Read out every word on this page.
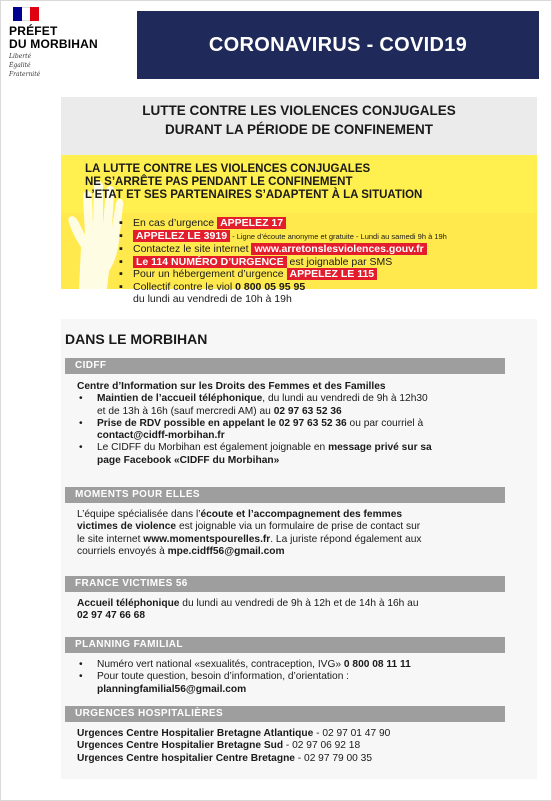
PRÉFET
DU MORBIHAN
Liberté
Égalité
Fraternité
CORONAVIRUS - COVID19
LUTTE CONTRE LES VIOLENCES CONJUGALES
DURANT LA PÉRIODE DE CONFINEMENT
LA LUTTE CONTRE LES VIOLENCES CONJUGALES
NE S’ARRÊTE PAS PENDANT LE CONFINEMENT
L’ETAT ET SES PARTENAIRES S’ADAPTENT À LA SITUATION
▪ En cas d’urgence APPELEZ 17
▪ APPELEZ LE 3919 - Ligne d’écoute anonyme et gratuite - Lundi au samedi 9h à 19h
▪ Contactez le site internet www.arretonslesviolences.gouv.fr
▪ Le 114 NUMÉRO D’URGENCE est joignable par SMS
▪ Pour un hébergement d’urgence APPELEZ LE 115
▪ Collectif contre le viol 0 800 05 95 95
du lundi au vendredi de 10h à 19h
DANS LE MORBIHAN
CIDFF
Centre d’Information sur les Droits des Femmes et des Familles
• Maintien de l’accueil téléphonique, du lundi au vendredi de 9h à 12h30
et de 13h à 16h (sauf mercredi AM) au 02 97 63 52 36
• Prise de RDV possible en appelant le 02 97 63 52 36 ou par courriel à
contact@cidff-morbihan.fr
• Le CIDFF du Morbihan est également joignable en message privé sur sa
page Facebook «CIDFF du Morbihan»
MOMENTS POUR ELLES
L’équipe spécialisée dans l’écoute et l’accompagnement des femmes
victimes de violence est joignable via un formulaire de prise de contact sur
le site internet www.momentspourelles.fr. La juriste répond également aux
courriels envoyés à mpe.cidff56@gmail.com
FRANCE VICTIMES 56
Accueil téléphonique du lundi au vendredi de 9h à 12h et de 14h à 16h au
02 97 47 66 68
PLANNING FAMILIAL
• Numéro vert national «sexualités, contraception, IVG» 0 800 08 11 11
• Pour toute question, besoin d’information, d’orientation :
planningfamilial56@gmail.com
URGENCES HOSPITALIÈRES
Urgences Centre Hospitalier Bretagne Atlantique - 02 97 01 47 90
Urgences Centre Hospitalier Bretagne Sud - 02 97 06 92 18
Urgences Centre hospitalier Centre Bretagne - 02 97 79 00 35
